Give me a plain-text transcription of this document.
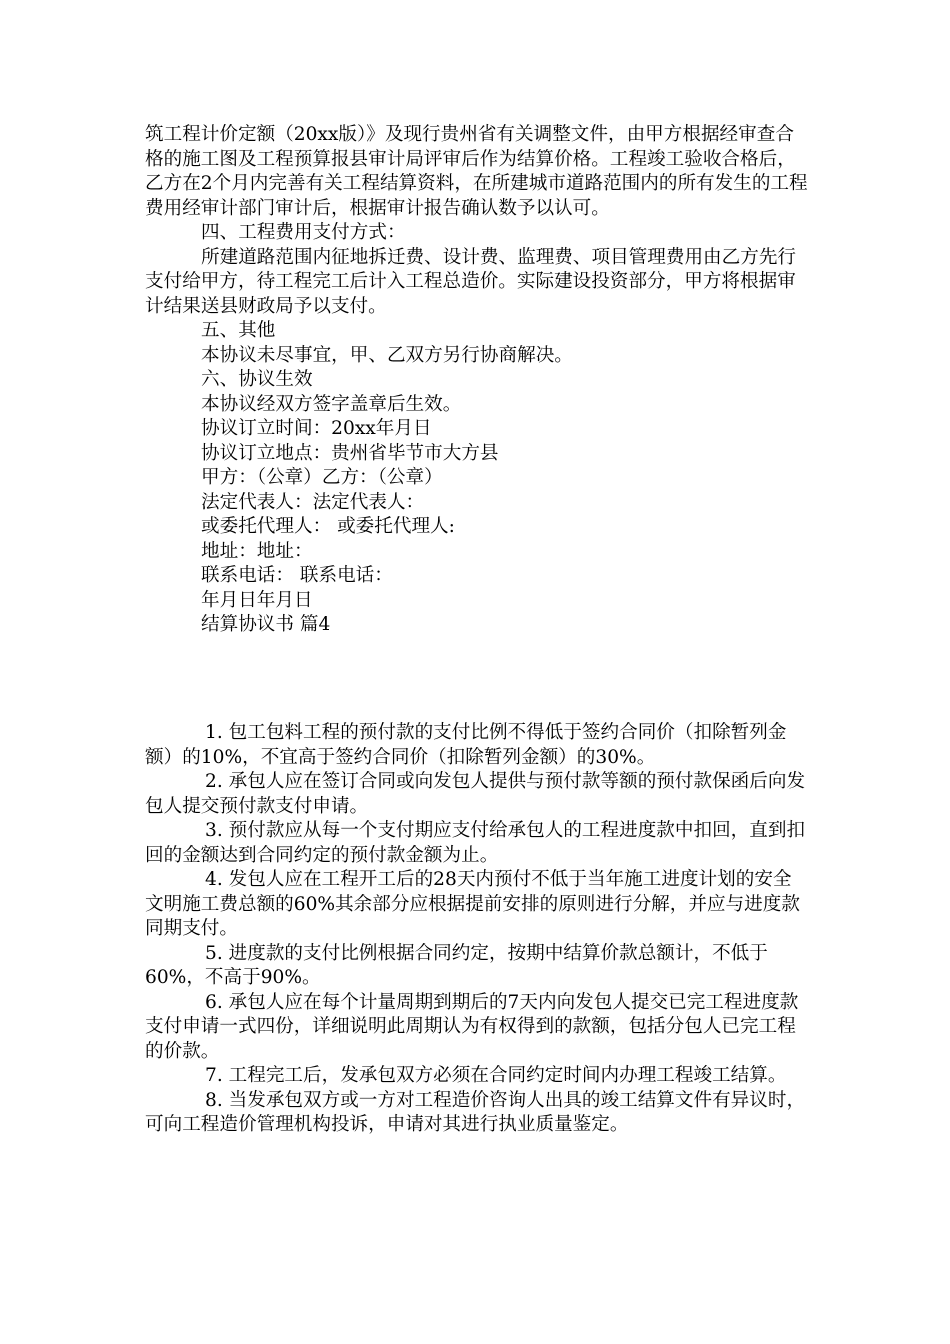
筑工程计价定额（20xx版）》及现行贵州省有关调整文件，由甲方根据经审查合格的施工图及工程预算报县审计局评审后作为结算价格。工程竣工验收合格后，乙方在2个月内完善有关工程结算资料，在所建城市道路范围内的所有发生的工程费用经审计部门审计后，根据审计报告确认数予以认可。

四、工程费用支付方式：

所建道路范围内征地拆迁费、设计费、监理费、项目管理费用由乙方先行支付给甲方，待工程完工后计入工程总造价。实际建设投资部分，甲方将根据审计结果送县财政局予以支付。

五、其他

本协议未尽事宜，甲、乙双方另行协商解决。

六、协议生效

本协议经双方签字盖章后生效。

协议订立时间：20xx年月日

协议订立地点：贵州省毕节市大方县

甲方：（公章）乙方：（公章）

法定代表人：法定代表人：

或委托代理人： 或委托代理人:

地址：地址：

联系电话： 联系电话：

年月日年月日

结算协议书 篇4

1. 包工包料工程的预付款的支付比例不得低于签约合同价（扣除暂列金额）的10%，不宜高于签约合同价（扣除暂列金额）的30%。

2. 承包人应在签订合同或向发包人提供与预付款等额的预付款保函后向发包人提交预付款支付申请。

3. 预付款应从每一个支付期应支付给承包人的工程进度款中扣回，直到扣回的金额达到合同约定的预付款金额为止。

4. 发包人应在工程开工后的28天内预付不低于当年施工进度计划的安全文明施工费总额的60%其余部分应根据提前安排的原则进行分解，并应与进度款同期支付。

5. 进度款的支付比例根据合同约定，按期中结算价款总额计，不低于60%，不高于90%。

6. 承包人应在每个计量周期到期后的7天内向发包人提交已完工程进度款支付申请一式四份，详细说明此周期认为有权得到的款额，包括分包人已完工程的价款。

7. 工程完工后，发承包双方必须在合同约定时间内办理工程竣工结算。

8. 当发承包双方或一方对工程造价咨询人出具的竣工结算文件有异议时，可向工程造价管理机构投诉，申请对其进行执业质量鉴定。
